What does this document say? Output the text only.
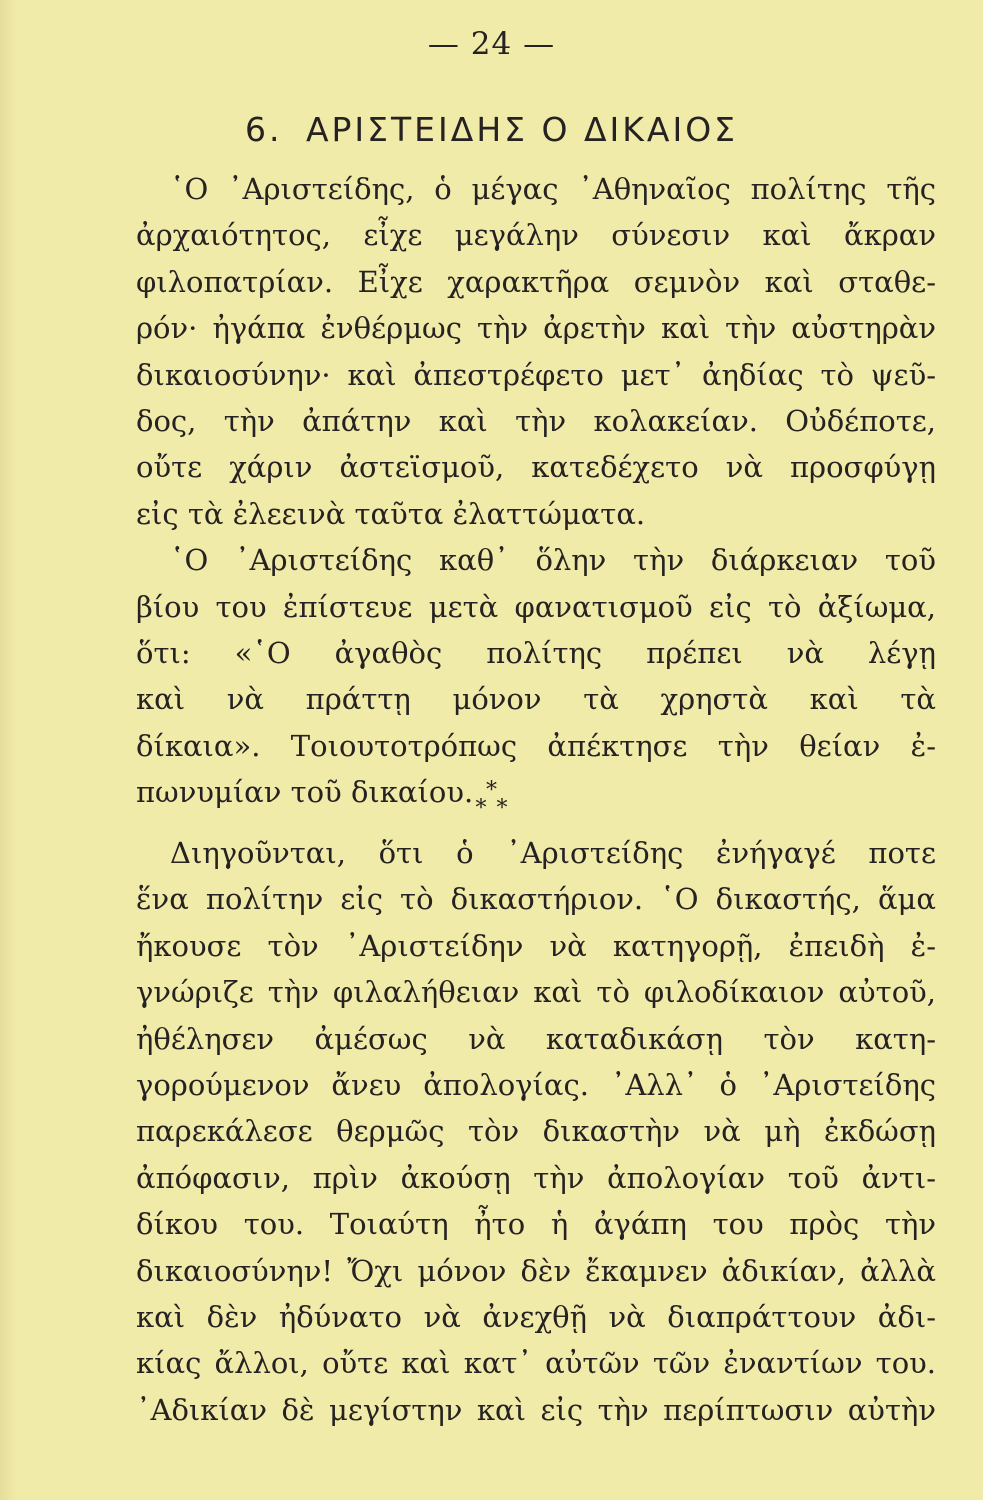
— 24 —
6. ΑΡΙΣΤΕΙΔΗΣ Ο ΔΙΚΑΙΟΣ
῾Ο ᾿Αριστείδης, ὁ μέγας ᾿Αθηναῖος πολίτης τῆς
ἀρχαιότητος, εἶχε μεγάλην σύνεσιν καὶ ἄκραν
φιλοπατρίαν. Εἶχε χαρακτῆρα σεμνὸν καὶ σταθε-
ρόν· ἠγάπα ἐνθέρμως τὴν ἀρετὴν καὶ τὴν αὐστηρὰν
δικαιοσύνην· καὶ ἀπεστρέφετο μετ᾿ ἀηδίας τὸ ψεῦ-
δος, τὴν ἀπάτην καὶ τὴν κολακείαν. Οὐδέποτε,
οὔτε χάριν ἀστεϊσμοῦ, κατεδέχετο νὰ προσφύγῃ
εἰς τὰ ἐλεεινὰ ταῦτα ἐλαττώματα.
῾Ο ᾿Αριστείδης καθ᾿ ὅλην τὴν διάρκειαν τοῦ
βίου του ἐπίστευε μετὰ φανατισμοῦ εἰς τὸ ἀξίωμα,
ὅτι: «῾Ο ἀγαθὸς πολίτης πρέπει νὰ λέγῃ
καὶ νὰ πράττῃ μόνον τὰ χρηστὰ καὶ τὰ
δίκαια». Τοιουτοτρόπως ἀπέκτησε τὴν θείαν ἐ-
πωνυμίαν τοῦ δικαίου. *
**
Διηγοῦνται, ὅτι ὁ ᾿Αριστείδης ἐνήγαγέ ποτε
ἕνα πολίτην εἰς τὸ δικαστήριον. ῾Ο δικαστής, ἅμα
ἤκουσε τὸν ᾿Αριστείδην νὰ κατηγορῇ, ἐπειδὴ ἐ-
γνώριζε τὴν φιλαλήθειαν καὶ τὸ φιλοδίκαιον αὐτοῦ,
ἠθέλησεν ἀμέσως νὰ καταδικάσῃ τὸν κατη-
γορούμενον ἄνευ ἀπολογίας. ᾿Αλλ᾿ ὁ ᾿Αριστείδης
παρεκάλεσε θερμῶς τὸν δικαστὴν νὰ μὴ ἐκδώσῃ
ἀπόφασιν, πρὶν ἀκούσῃ τὴν ἀπολογίαν τοῦ ἀντι-
δίκου του. Τοιαύτη ἦτο ἡ ἀγάπη του πρὸς τὴν
δικαιοσύνην! Ὄχι μόνον δὲν ἔκαμνεν ἀδικίαν, ἀλλὰ
καὶ δὲν ἠδύνατο νὰ ἀνεχθῇ νὰ διαπράττουν ἀδι-
κίας ἄλλοι, οὔτε καὶ κατ᾿ αὐτῶν τῶν ἐναντίων του.
᾿Αδικίαν δὲ μεγίστην καὶ εἰς τὴν περίπτωσιν αὐτὴν
